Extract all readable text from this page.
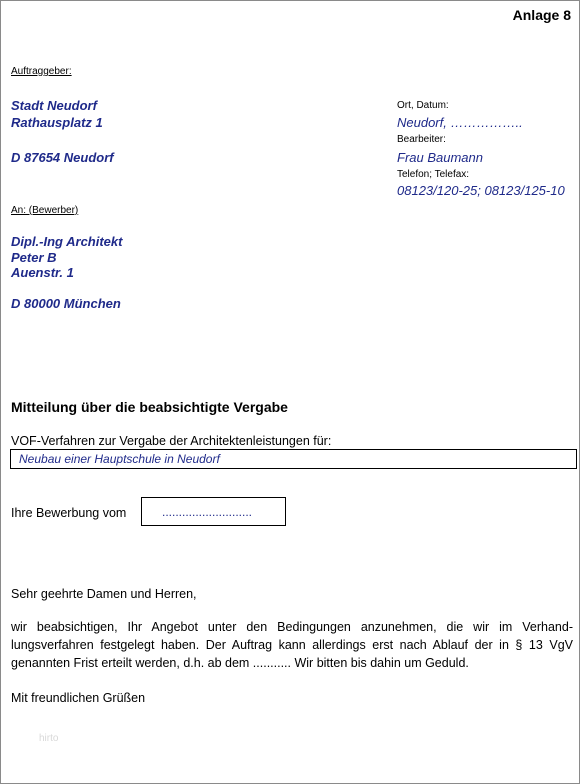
Anlage 8
Auftraggeber:
Stadt Neudorf
Rathausplatz 1
D 87654 Neudorf
Ort, Datum:
Neudorf, ……………..
Bearbeiter:
Frau Baumann
Telefon; Telefax:
08123/120-25; 08123/125-10
An: (Bewerber)
Dipl.-Ing Architekt
Peter B
Auenstr. 1
D 80000 München
Mitteilung über die beabsichtigte Vergabe
VOF-Verfahren zur Vergabe der Architektenleistungen für:
Neubau einer Hauptschule in Neudorf
Ihre Bewerbung vom	...........................
Sehr geehrte Damen und Herren,
wir beabsichtigen, Ihr Angebot unter den Bedingungen anzunehmen, die wir im Verhand-
lungsverfahren festgelegt haben. Der Auftrag kann allerdings erst nach Ablauf der in § 13 VgV
genannten Frist erteilt werden, d.h. ab dem ........... Wir bitten bis dahin um Geduld.
Mit freundlichen Grüßen
hirto
